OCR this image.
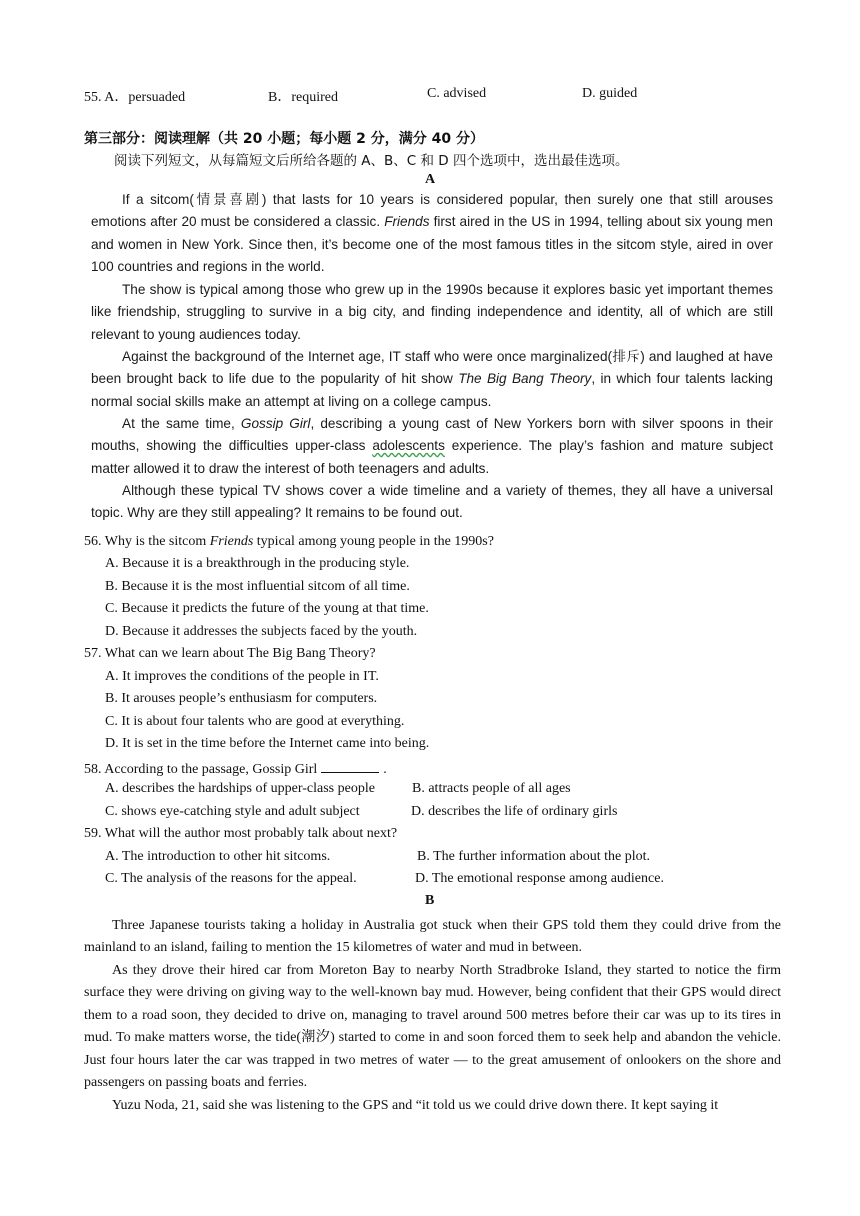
55. A．persuaded	B．required	C. advised	D. guided
第三部分：阅读理解（共 20 小题；每小题 2 分，满分 40 分）
阅读下列短文，从每篇短文后所给各题的 A、B、C 和 D 四个选项中，选出最佳选项。
A
If a sitcom(情景喜剧) that lasts for 10 years is considered popular, then surely one that still arouses emotions after 20 must be considered a classic. Friends first aired in the US in 1994, telling about six young men and women in New York. Since then, it’s become one of the most famous titles in the sitcom style, aired in over 100 countries and regions in the world.
The show is typical among those who grew up in the 1990s because it explores basic yet important themes like friendship, struggling to survive in a big city, and finding independence and identity, all of which are still relevant to young audiences today.
Against the background of the Internet age, IT staff who were once marginalized(排斥) and laughed at have been brought back to life due to the popularity of hit show The Big Bang Theory, in which four talents lacking normal social skills make an attempt at living on a college campus.
At the same time, Gossip Girl, describing a young cast of New Yorkers born with silver spoons in their mouths, showing the difficulties upper-class adolescents experience. The play’s fashion and mature subject matter allowed it to draw the interest of both teenagers and adults.
Although these typical TV shows cover a wide timeline and a variety of themes, they all have a universal topic. Why are they still appealing? It remains to be found out.
56. Why is the sitcom Friends typical among young people in the 1990s?
A. Because it is a breakthrough in the producing style.
B. Because it is the most influential sitcom of all time.
C. Because it predicts the future of the young at that time.
D. Because it addresses the subjects faced by the youth.
57. What can we learn about The Big Bang Theory?
A. It improves the conditions of the people in IT.
B. It arouses people’s enthusiasm for computers.
C. It is about four talents who are good at everything.
D. It is set in the time before the Internet came into being.
58. According to the passage, Gossip Girl	.
A. describes the hardships of upper-class people	B. attracts people of all ages
C. shows eye-catching style and adult subject	D. describes the life of ordinary girls
59. What will the author most probably talk about next?
A. The introduction to other hit sitcoms.	B. The further information about the plot.
C. The analysis of the reasons for the appeal.	D. The emotional response among audience.
B
Three Japanese tourists taking a holiday in Australia got stuck when their GPS told them they could drive from the mainland to an island, failing to mention the 15 kilometres of water and mud in between.
As they drove their hired car from Moreton Bay to nearby North Stradbroke Island, they started to notice the firm surface they were driving on giving way to the well-known bay mud. However, being confident that their GPS would direct them to a road soon, they decided to drive on, managing to travel around 500 metres before their car was up to its tires in mud. To make matters worse, the tide(潮汐) started to come in and soon forced them to seek help and abandon the vehicle. Just four hours later the car was trapped in two metres of water — to the great amusement of onlookers on the shore and passengers on passing boats and ferries.
Yuzu Noda, 21, said she was listening to the GPS and “it told us we could drive down there. It kept saying it
